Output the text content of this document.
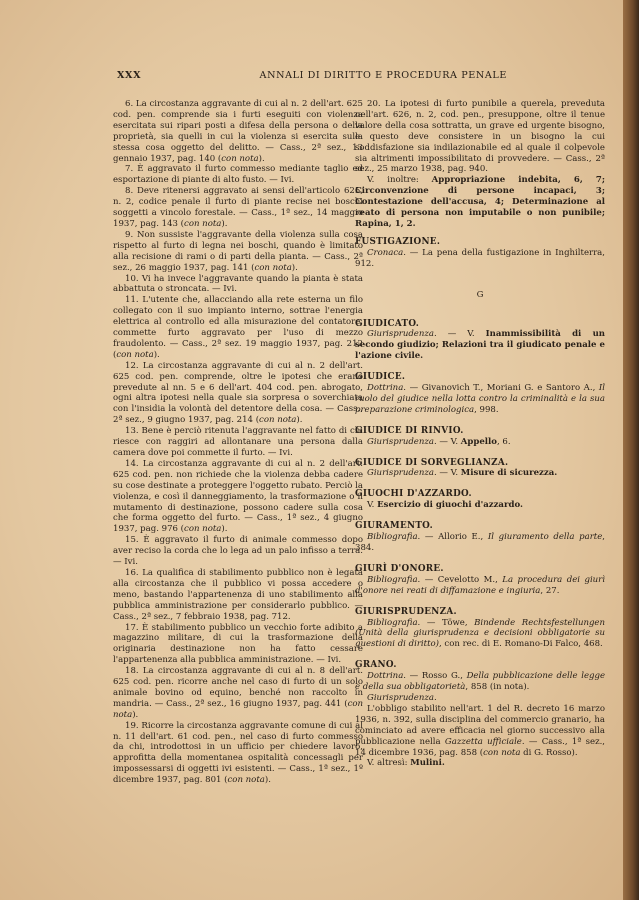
XXX	ANNALI DI DIRITTO E PROCEDURA PENALE

6. La circostanza aggravante di cui al n. 2 dell'art. 625 cod. pen. comprende sia i furti eseguiti con violenza esercitata sui ripari posti a difesa della persona o della proprietà, sia quelli in cui la violenza si esercita sulla stessa cosa oggetto del delitto. — Cass., 2ª sez., 13 gennaio 1937, pag. 140 (con nota).

7. È aggravato il furto commesso mediante taglio ed esportazione di piante di alto fusto. — Ivi.

8. Deve ritenersi aggravato ai sensi dell'articolo 625, n. 2, codice penale il furto di piante recise nei boschi soggetti a vincolo forestale. — Cass., 1ª sez., 14 maggio 1937, pag. 143 (con nota).

9. Non sussiste l'aggravante della violenza sulla cosa rispetto al furto di legna nei boschi, quando è limitato alla recisione di rami o di parti della pianta. — Cass., 2ª sez., 26 maggio 1937, pag. 141 (con nota).

10. Vi ha invece l'aggravante quando la pianta è stata abbattuta o stroncata. — Ivi.

11. L'utente che, allacciando alla rete esterna un filo collegato con il suo impianto interno, sottrae l'energia elettrica al controllo ed alla misurazione del contatore, commette furto aggravato per l'uso di mezzo fraudolento. — Cass., 2ª sez. 19 maggio 1937, pag. 212 (con nota).

12. La circostanza aggravante di cui al n. 2 dell'art. 625 cod. pen. comprende, oltre le ipotesi che erano prevedute al nn. 5 e 6 dell'art. 404 cod. pen. abrogato, ogni altra ipotesi nella quale sia sorpresa o soverchiata con l'insidia la volontà del detentore della cosa. — Cass., 2ª sez., 9 giugno 1937, pag. 214 (con nota).

13. Bene è perciò ritenuta l'aggravante nel fatto di chi riesce con raggiri ad allontanare una persona dalla camera dove poi commette il furto. — Ivi.

14. La circostanza aggravante di cui al n. 2 dell'art. 625 cod. pen. non richiede che la violenza debba cadere su cose destinate a proteggere l'oggetto rubato. Perciò la violenza, e così il danneggiamento, la trasformazione o il mutamento di destinazione, possono cadere sulla cosa che forma oggetto del furto. — Cass., 1ª sez., 4 giugno 1937, pag. 976 (con nota).

15. È aggravato il furto di animale commesso dopo aver reciso la corda che lo lega ad un palo infisso a terra. — Ivi.

16. La qualifica di stabilimento pubblico non è legata alla circostanza che il pubblico vi possa accedere o meno, bastando l'appartenenza di uno stabilimento alla pubblica amministrazione per considerarlo pubblico. — Cass., 2ª sez., 7 febbraio 1938, pag. 712.

17. È stabilimento pubblico un vecchio forte adibito a magazzino militare, di cui la trasformazione della originaria destinazione non ha fatto cessare l'appartenenza alla pubblica amministrazione. — Ivi.

18. La circostanza aggravante di cui al n. 8 dell'art. 625 cod. pen. ricorre anche nel caso di furto di un solo animale bovino od equino, benché non raccolto in mandria. — Cass., 2ª sez., 16 giugno 1937, pag. 441 (con nota).

19. Ricorre la circostanza aggravante comune di cui al n. 11 dell'art. 61 cod. pen., nel caso di furto commesso da chi, introdottosi in un ufficio per chiedere lavoro, approfitta della momentanea ospitalità concessagli per impossessarsi di oggetti ivi esistenti. — Cass., 1ª sez., 1º dicembre 1937, pag. 801 (con nota).

20. La ipotesi di furto punibile a querela, preveduta nell'art. 626, n. 2, cod. pen., presuppone, oltre il tenue valore della cosa sottratta, un grave ed urgente bisogno, e questo deve consistere in un bisogno la cui soddisfazione sia indilazionabile ed al quale il colpevole sia altrimenti impossibilitato di provvedere. — Cass., 2ª sez., 25 marzo 1938, pag. 940.

V. inoltre: Appropriazione indebita, 6, 7; Circonvenzione di persone incapaci, 3; Contestazione dell'accusa, 4; Determinazione al reato di persona non imputabile o non punibile; Rapina, 1, 2.

FUSTIGAZIONE.

Cronaca. — La pena della fustigazione in Inghilterra, 912.

G

GIUDICATO.

Giurisprudenza. — V. Inammissibilità di un secondo giudizio; Relazioni tra il giudicato penale e l'azione civile.

GIUDICE.

Dottrina. — Givanovich T., Moriani G. e Santoro A., Il ruolo del giudice nella lotta contro la criminalità e la sua preparazione criminologica, 998.

GIUDICE DI RINVIO.

Giurisprudenza. — V. Appello, 6.

GIUDICE DI SORVEGLIANZA.

Giurisprudenza. — V. Misure di sicurezza.

GIUOCHI D'AZZARDO.

V. Esercizio di giuochi d'azzardo.

GIURAMENTO.

Bibliografia. — Allorio E., Il giuramento della parte, 384.

GIURÌ D'ONORE.

Bibliografia. — Cevelotto M., La procedura dei giurì d'onore nei reati di diffamazione e ingiuria, 27.

GIURISPRUDENZA.

Bibliografia. — Töwe, Bindende Rechtsfestellungen (Unità della giurisprudenza e decisioni obbligatorie su questioni di diritto), con rec. di E. Romano-Di Falco, 468.

GRANO.

Dottrina. — Rosso G., Della pubblicazione delle legge e della sua obbligatorietà, 858 (in nota).

Giurisprudenza.

L'obbligo stabilito nell'art. 1 del R. decreto 16 marzo 1936, n. 392, sulla disciplina del commercio granario, ha cominciato ad avere efficacia nel giorno successivo alla pubblicazione nella Gazzetta ufficiale. — Cass., 1ª sez., 14 dicembre 1936, pag. 858 (con nota di G. Rosso).

V. altresì: Mulini.
